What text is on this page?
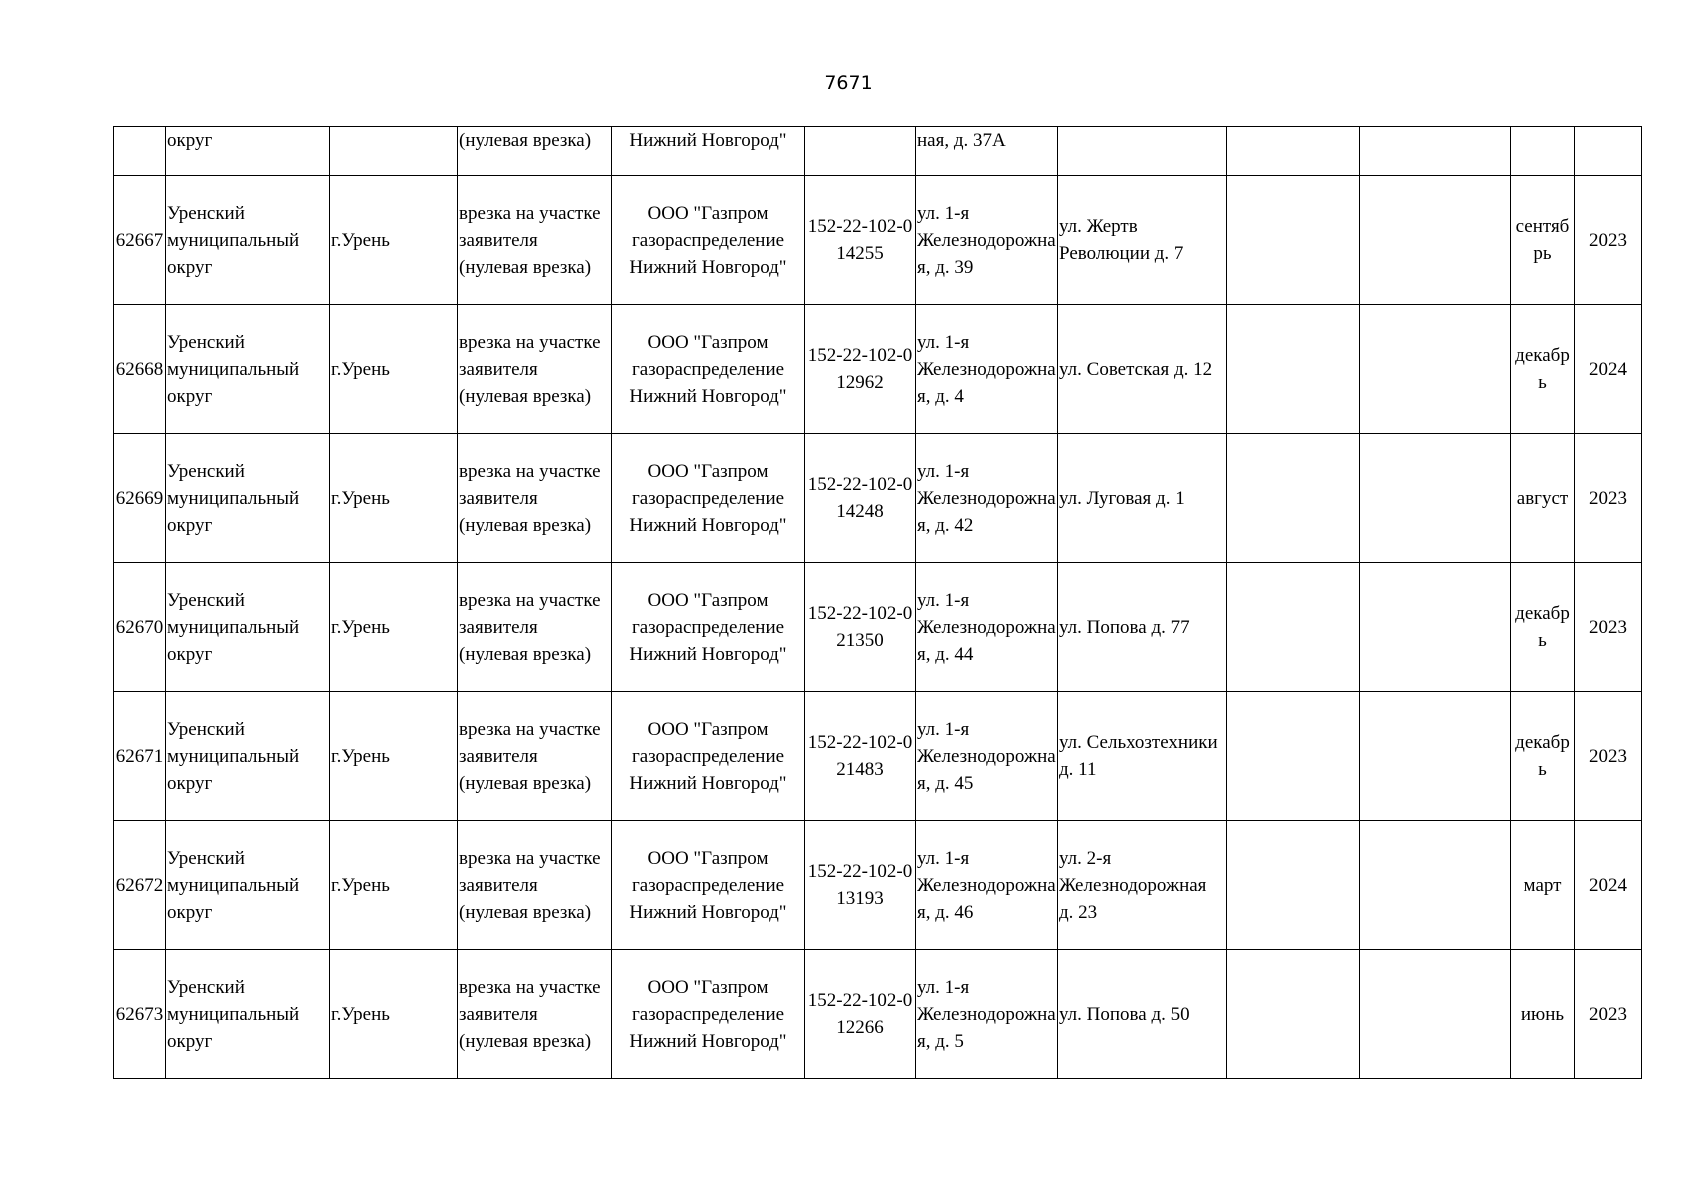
7671
	округ		(нулевая врезка)	Нижний Новгород"		ная, д. 37А					
62667	Уренский муниципальный округ	г.Урень	врезка на участке заявителя (нулевая врезка)	ООО "Газпром газораспределение Нижний Новгород"	152-22-102-014255	ул. 1-я Железнодорожная, д. 39	ул. Жертв Революции д. 7			сентябрь	2023
62668	Уренский муниципальный округ	г.Урень	врезка на участке заявителя (нулевая врезка)	ООО "Газпром газораспределение Нижний Новгород"	152-22-102-012962	ул. 1-я Железнодорожная, д. 4	ул. Советская д. 12			декабрь	2024
62669	Уренский муниципальный округ	г.Урень	врезка на участке заявителя (нулевая врезка)	ООО "Газпром газораспределение Нижний Новгород"	152-22-102-014248	ул. 1-я Железнодорожная, д. 42	ул. Луговая д. 1			август	2023
62670	Уренский муниципальный округ	г.Урень	врезка на участке заявителя (нулевая врезка)	ООО "Газпром газораспределение Нижний Новгород"	152-22-102-021350	ул. 1-я Железнодорожная, д. 44	ул. Попова д. 77			декабрь	2023
62671	Уренский муниципальный округ	г.Урень	врезка на участке заявителя (нулевая врезка)	ООО "Газпром газораспределение Нижний Новгород"	152-22-102-021483	ул. 1-я Железнодорожная, д. 45	ул. Сельхозтехники д. 11			декабрь	2023
62672	Уренский муниципальный округ	г.Урень	врезка на участке заявителя (нулевая врезка)	ООО "Газпром газораспределение Нижний Новгород"	152-22-102-013193	ул. 1-я Железнодорожная, д. 46	ул. 2-я Железнодорожная д. 23			март	2024
62673	Уренский муниципальный округ	г.Урень	врезка на участке заявителя (нулевая врезка)	ООО "Газпром газораспределение Нижний Новгород"	152-22-102-012266	ул. 1-я Железнодорожная, д. 5	ул. Попова д. 50			июнь	2023
